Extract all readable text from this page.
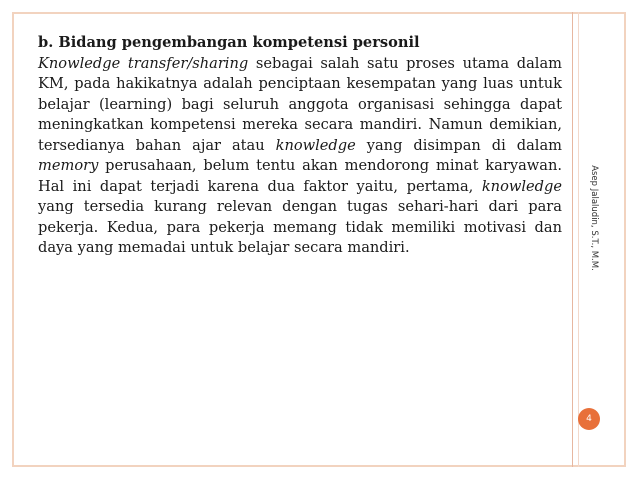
b. Bidang pengembangan kompetensi personil
Knowledge transfer/sharing sebagai salah satu proses utama dalam KM, pada hakikatnya adalah penciptaan kesempatan yang luas untuk belajar (learning) bagi seluruh anggota organisasi sehingga dapat meningkatkan kompetensi mereka secara mandiri. Namun demikian, tersedianya bahan ajar atau knowledge yang disimpan di dalam memory perusahaan, belum tentu akan mendorong minat karyawan. Hal ini dapat terjadi karena dua faktor yaitu, pertama, knowledge yang tersedia kurang relevan dengan tugas sehari-hari dari para pekerja. Kedua, para pekerja memang tidak memiliki motivasi dan daya yang memadai untuk belajar secara mandiri.	Asep Jalaludin, S.T., M.M.
4
